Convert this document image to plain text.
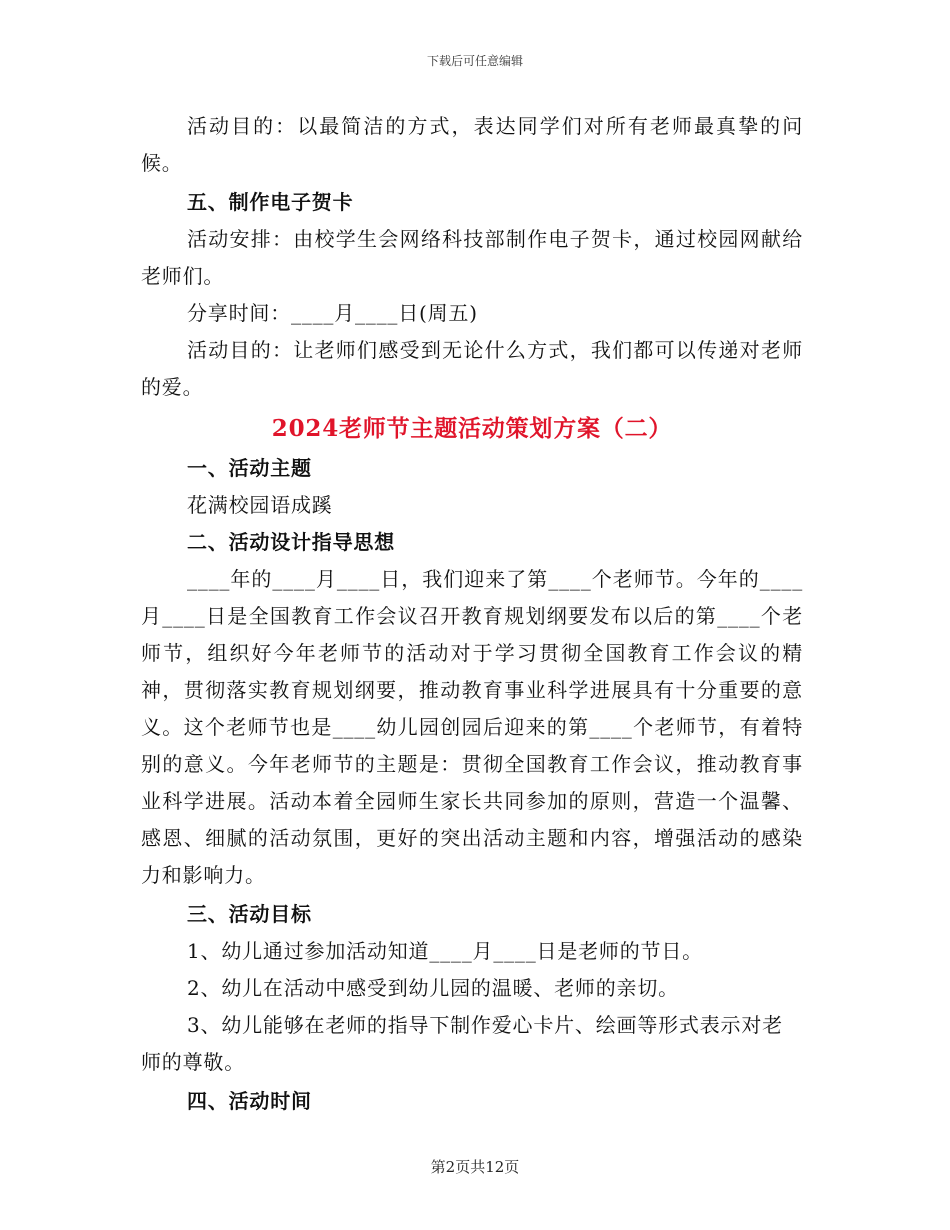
下载后可任意编辑

活动目的：以最简洁的方式，表达同学们对所有老师最真挚的问候。

五、制作电子贺卡

活动安排：由校学生会网络科技部制作电子贺卡，通过校园网献给老师们。

分享时间：____月____日(周五)

活动目的：让老师们感受到无论什么方式，我们都可以传递对老师的爱。

2024老师节主题活动策划方案（二）

一、活动主题

花满校园语成蹊

二、活动设计指导思想

____年的____月____日，我们迎来了第____个老师节。今年的____月____日是全国教育工作会议召开教育规划纲要发布以后的第____个老师节，组织好今年老师节的活动对于学习贯彻全国教育工作会议的精神，贯彻落实教育规划纲要，推动教育事业科学进展具有十分重要的意义。这个老师节也是____幼儿园创园后迎来的第____个老师节，有着特别的意义。今年老师节的主题是：贯彻全国教育工作会议，推动教育事业科学进展。活动本着全园师生家长共同参加的原则，营造一个温馨、感恩、细腻的活动氛围，更好的突出活动主题和内容，增强活动的感染力和影响力。

三、活动目标

1、幼儿通过参加活动知道____月____日是老师的节日。

2、幼儿在活动中感受到幼儿园的温暖、老师的亲切。

3、幼儿能够在老师的指导下制作爱心卡片、绘画等形式表示对老师的尊敬。

四、活动时间

第2页共12页
